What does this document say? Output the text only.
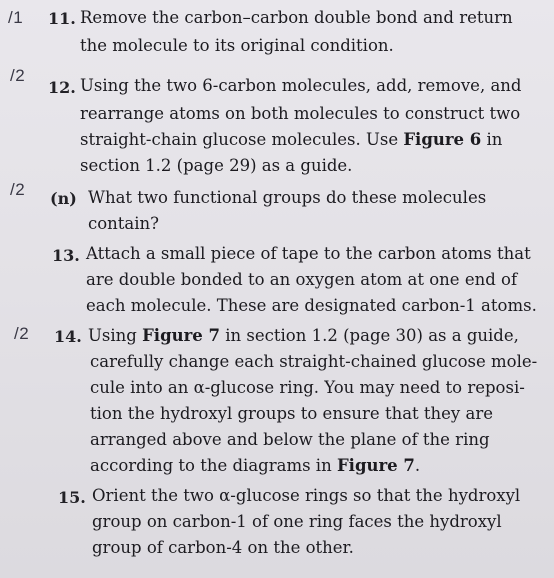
/1 11. Remove the carbon–carbon double bond and return
the molecule to its original condition.
/2
12. Using the two 6-carbon molecules, add, remove, and
rearrange atoms on both molecules to construct two
straight-chain glucose molecules. Use Figure 6 in
section 1.2 (page 29) as a guide.
/2 (n) What two functional groups do these molecules
contain?
13. Attach a small piece of tape to the carbon atoms that
are double bonded to an oxygen atom at one end of
each molecule. These are designated carbon-1 atoms.
/2 14. Using Figure 7 in section 1.2 (page 30) as a guide,
carefully change each straight-chained glucose mole-
cule into an α-glucose ring. You may need to reposi-
tion the hydroxyl groups to ensure that they are
arranged above and below the plane of the ring
according to the diagrams in Figure 7.
15. Orient the two α-glucose rings so that the hydroxyl
group on carbon-1 of one ring faces the hydroxyl
group of carbon-4 on the other.
